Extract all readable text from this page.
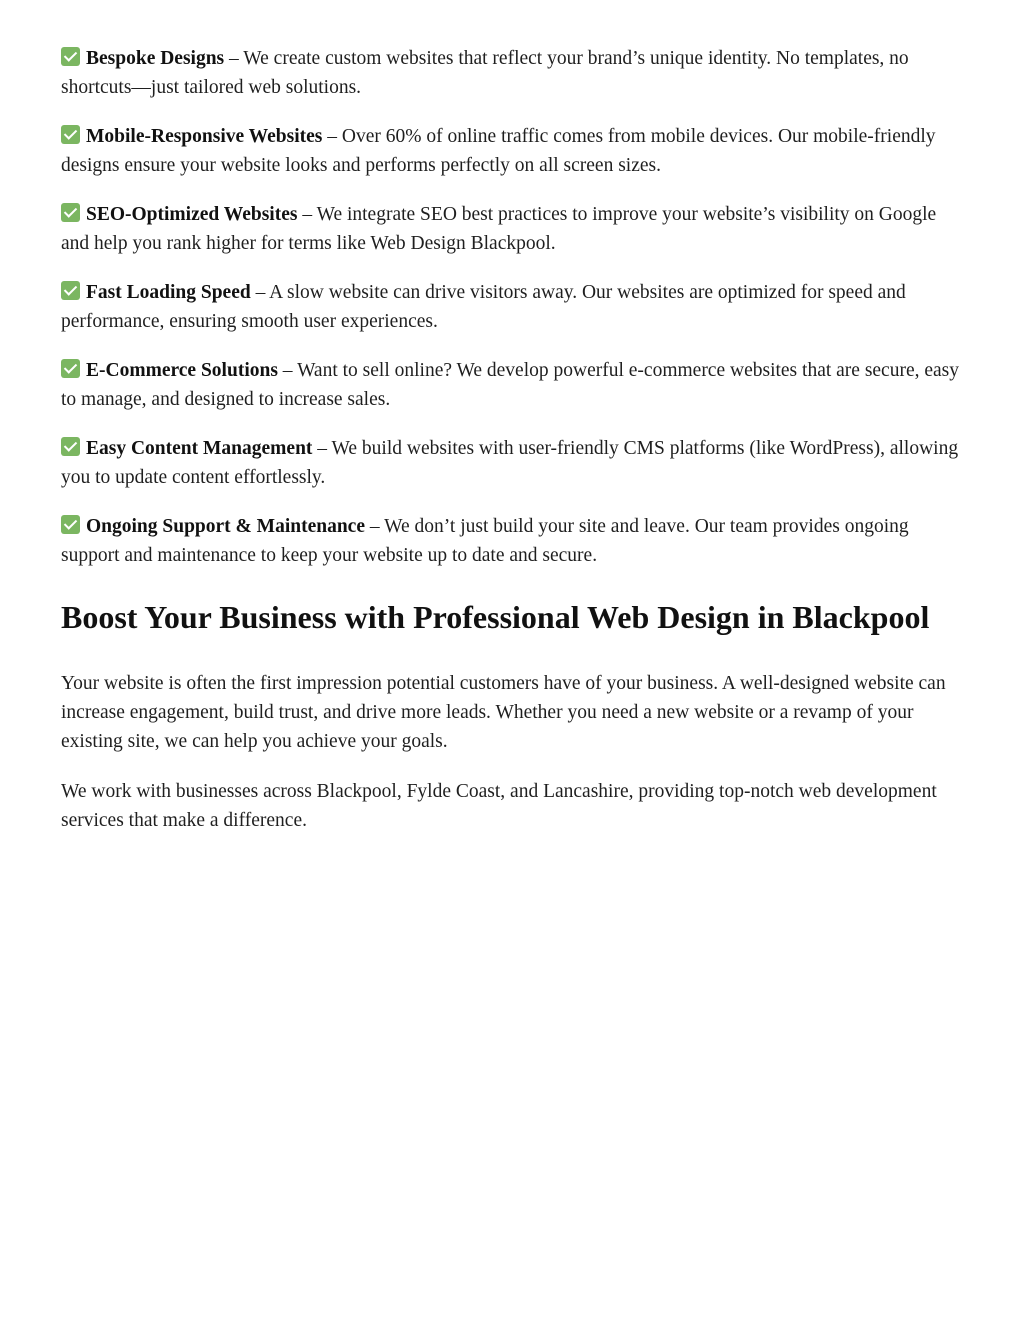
Bespoke Designs – We create custom websites that reflect your brand’s unique identity. No templates, no shortcuts—just tailored web solutions.

Mobile-Responsive Websites – Over 60% of online traffic comes from mobile devices. Our mobile-friendly designs ensure your website looks and performs perfectly on all screen sizes.

SEO-Optimized Websites – We integrate SEO best practices to improve your website’s visibility on Google and help you rank higher for terms like Web Design Blackpool.

Fast Loading Speed – A slow website can drive visitors away. Our websites are optimized for speed and performance, ensuring smooth user experiences.

E-Commerce Solutions – Want to sell online? We develop powerful e-commerce websites that are secure, easy to manage, and designed to increase sales.

Easy Content Management – We build websites with user-friendly CMS platforms (like WordPress), allowing you to update content effortlessly.

Ongoing Support & Maintenance – We don’t just build your site and leave. Our team provides ongoing support and maintenance to keep your website up to date and secure.

Boost Your Business with Professional Web Design in Blackpool

Your website is often the first impression potential customers have of your business. A well-designed website can increase engagement, build trust, and drive more leads. Whether you need a new website or a revamp of your existing site, we can help you achieve your goals.

We work with businesses across Blackpool, Fylde Coast, and Lancashire, providing top-notch web development services that make a difference.
